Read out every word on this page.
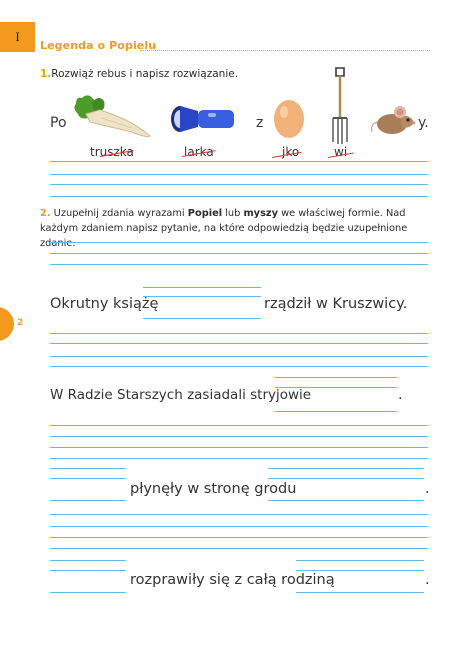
I
Legenda o Popielu
2
1.Rozwiąż rebus i napisz rozwiązanie.
Po	z	y.
truszka	larka	jko	wi
2. Uzupełnij zdania wyrazami Popiel lub myszy we właściwej formie. Nad każdym zdaniem napisz pytanie, na które odpowiedzią będzie uzupełnione zdanie.
Okrutny książę	rządził w Kruszwicy.
W Radzie Starszych zasiadali stryjowie	.
płynęły w stronę grodu	.
rozprawiły się z całą rodziną	.
